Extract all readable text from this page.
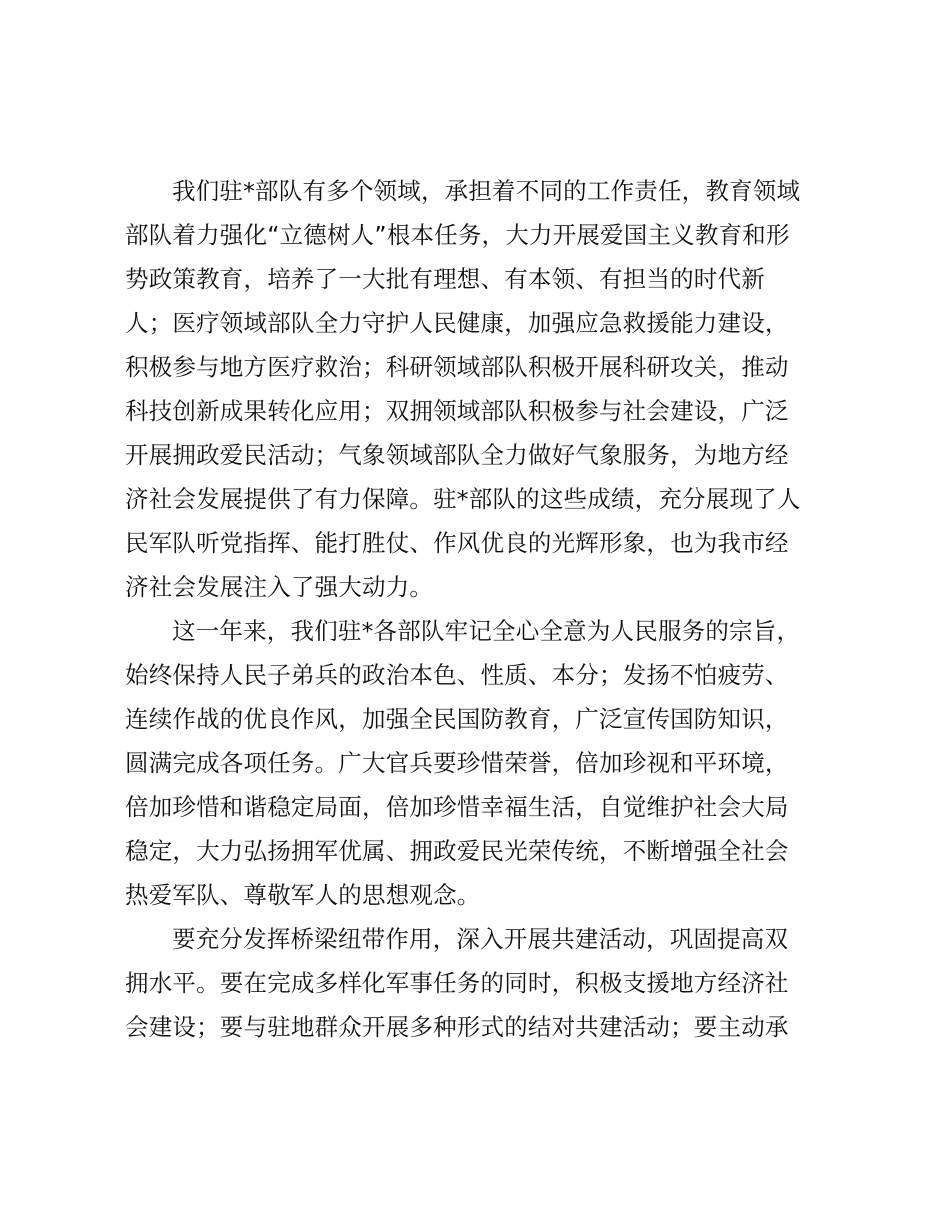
我们驻*部队有多个领域，承担着不同的工作责任，教育领域
部队着力强化“立德树人”根本任务，大力开展爱国主义教育和形
势政策教育，培养了一大批有理想、有本领、有担当的时代新
人；医疗领域部队全力守护人民健康，加强应急救援能力建设，
积极参与地方医疗救治；科研领域部队积极开展科研攻关，推动
科技创新成果转化应用；双拥领域部队积极参与社会建设，广泛
开展拥政爱民活动；气象领域部队全力做好气象服务，为地方经
济社会发展提供了有力保障。驻*部队的这些成绩，充分展现了人
民军队听党指挥、能打胜仗、作风优良的光辉形象，也为我市经
济社会发展注入了强大动力。
这一年来，我们驻*各部队牢记全心全意为人民服务的宗旨，
始终保持人民子弟兵的政治本色、性质、本分；发扬不怕疲劳、
连续作战的优良作风，加强全民国防教育，广泛宣传国防知识，
圆满完成各项任务。广大官兵要珍惜荣誉，倍加珍视和平环境，
倍加珍惜和谐稳定局面，倍加珍惜幸福生活，自觉维护社会大局
稳定，大力弘扬拥军优属、拥政爱民光荣传统，不断增强全社会
热爱军队、尊敬军人的思想观念。
要充分发挥桥梁纽带作用，深入开展共建活动，巩固提高双
拥水平。要在完成多样化军事任务的同时，积极支援地方经济社
会建设；要与驻地群众开展多种形式的结对共建活动；要主动承
